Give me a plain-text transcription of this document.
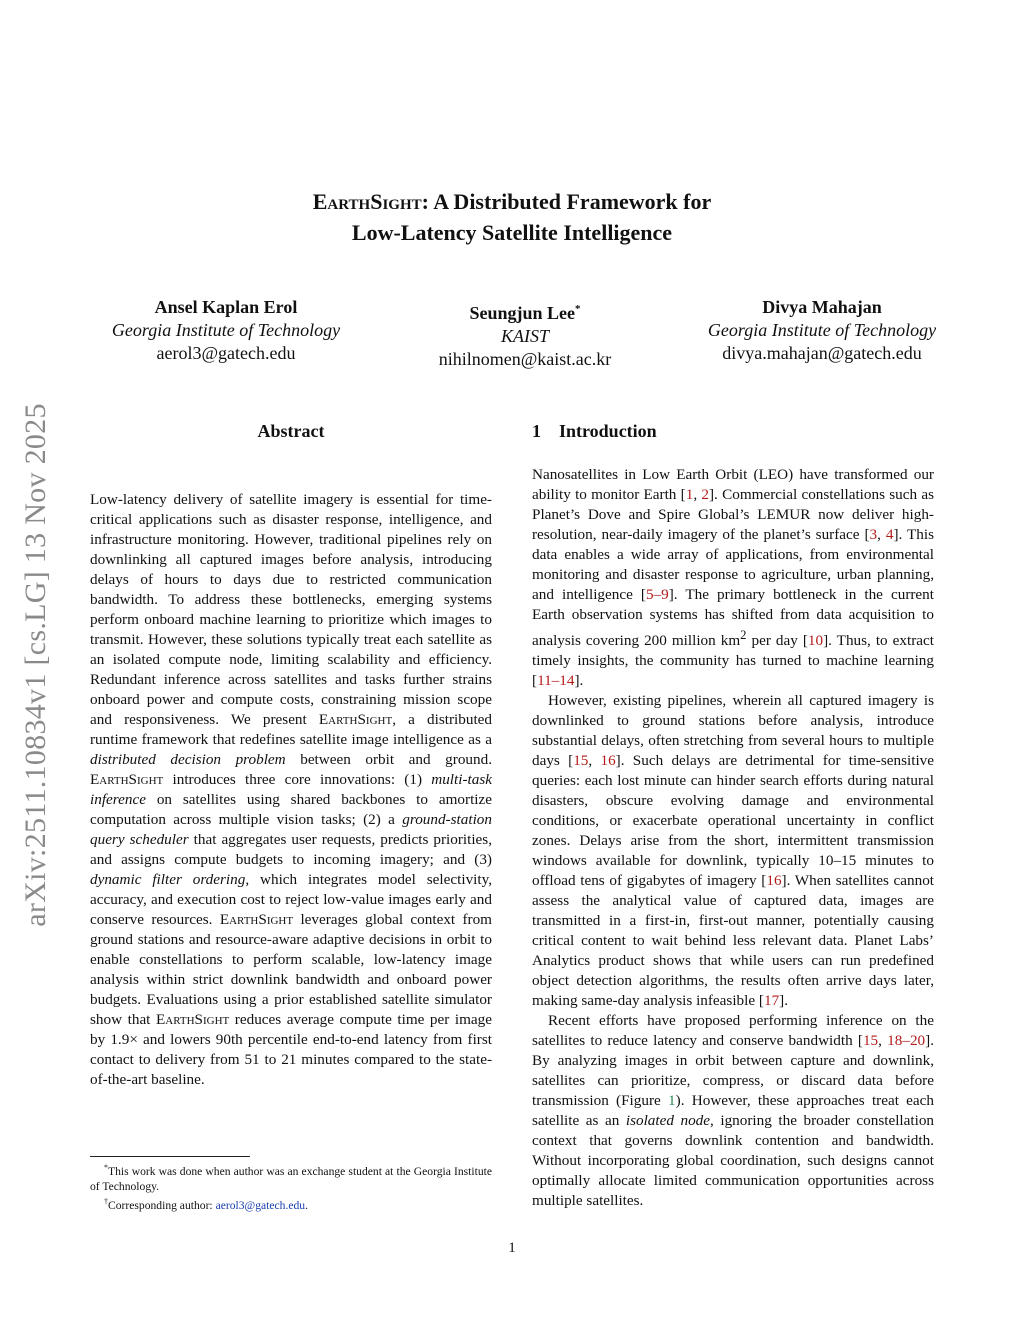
arXiv:2511.10834v1 [cs.LG] 13 Nov 2025
EarthSight: A Distributed Framework for
Low-Latency Satellite Intelligence
Ansel Kaplan Erol
Georgia Institute of Technology
aerol3@gatech.edu
Seungjun Lee*
KAIST
nihilnomen@kaist.ac.kr
Divya Mahajan
Georgia Institute of Technology
divya.mahajan@gatech.edu
Abstract

Low-latency delivery of satellite imagery is essential for time-critical applications such as disaster response, intelligence, and infrastructure monitoring. However, traditional pipelines rely on downlinking all captured images before analysis, introducing delays of hours to days due to restricted communication bandwidth. To address these bottlenecks, emerging systems perform onboard machine learning to prioritize which images to transmit. However, these solutions typically treat each satellite as an isolated compute node, limiting scalability and efficiency. Redundant inference across satellites and tasks further strains onboard power and compute costs, constraining mission scope and responsiveness. We present EarthSight, a distributed runtime framework that redefines satellite image intelligence as a distributed decision problem between orbit and ground. EarthSight introduces three core innovations: (1) multi-task inference on satellites using shared backbones to amortize computation across multiple vision tasks; (2) a ground-station query scheduler that aggregates user requests, predicts priorities, and assigns compute budgets to incoming imagery; and (3) dynamic filter ordering, which integrates model selectivity, accuracy, and execution cost to reject low-value images early and conserve resources. EarthSight leverages global context from ground stations and resource-aware adaptive decisions in orbit to enable constellations to perform scalable, low-latency image analysis within strict downlink bandwidth and onboard power budgets. Evaluations using a prior established satellite simulator show that EarthSight reduces average compute time per image by 1.9× and lowers 90th percentile end-to-end latency from first contact to delivery from 51 to 21 minutes compared to the state-of-the-art baseline.

1    Introduction

Nanosatellites in Low Earth Orbit (LEO) have transformed our ability to monitor Earth [1, 2]. Commercial constellations such as Planet’s Dove and Spire Global’s LEMUR now deliver high-resolution, near-daily imagery of the planet’s surface [3, 4]. This data enables a wide array of applications, from environmental monitoring and disaster response to agriculture, urban planning, and intelligence [5–9]. The primary bottleneck in the current Earth observation systems has shifted from data acquisition to analysis covering 200 million $km^2$ per day [10]. Thus, to extract timely insights, the community has turned to machine learning [11–14].

However, existing pipelines, wherein all captured imagery is downlinked to ground stations before analysis, introduce substantial delays, often stretching from several hours to multiple days [15, 16]. Such delays are detrimental for time-sensitive queries: each lost minute can hinder search efforts during natural disasters, obscure evolving damage and environmental conditions, or exacerbate operational uncertainty in conflict zones. Delays arise from the short, intermittent transmission windows available for downlink, typically 10–15 minutes to offload tens of gigabytes of imagery [16]. When satellites cannot assess the analytical value of captured data, images are transmitted in a first-in, first-out manner, potentially causing critical content to wait behind less relevant data. Planet Labs’ Analytics product shows that while users can run predefined object detection algorithms, the results often arrive days later, making same-day analysis infeasible [17].

Recent efforts have proposed performing inference on the satellites to reduce latency and conserve bandwidth [15, 18–20]. By analyzing images in orbit between capture and downlink, satellites can prioritize, compress, or discard data before transmission (Figure 1). However, these approaches treat each satellite as an isolated node, ignoring the broader constellation context that governs downlink contention and bandwidth. Without incorporating global coordination, such designs cannot optimally allocate limited communication opportunities across multiple satellites.

*This work was done when author was an exchange student at the Georgia Institute of Technology.

†Corresponding author: aerol3@gatech.edu.

1
